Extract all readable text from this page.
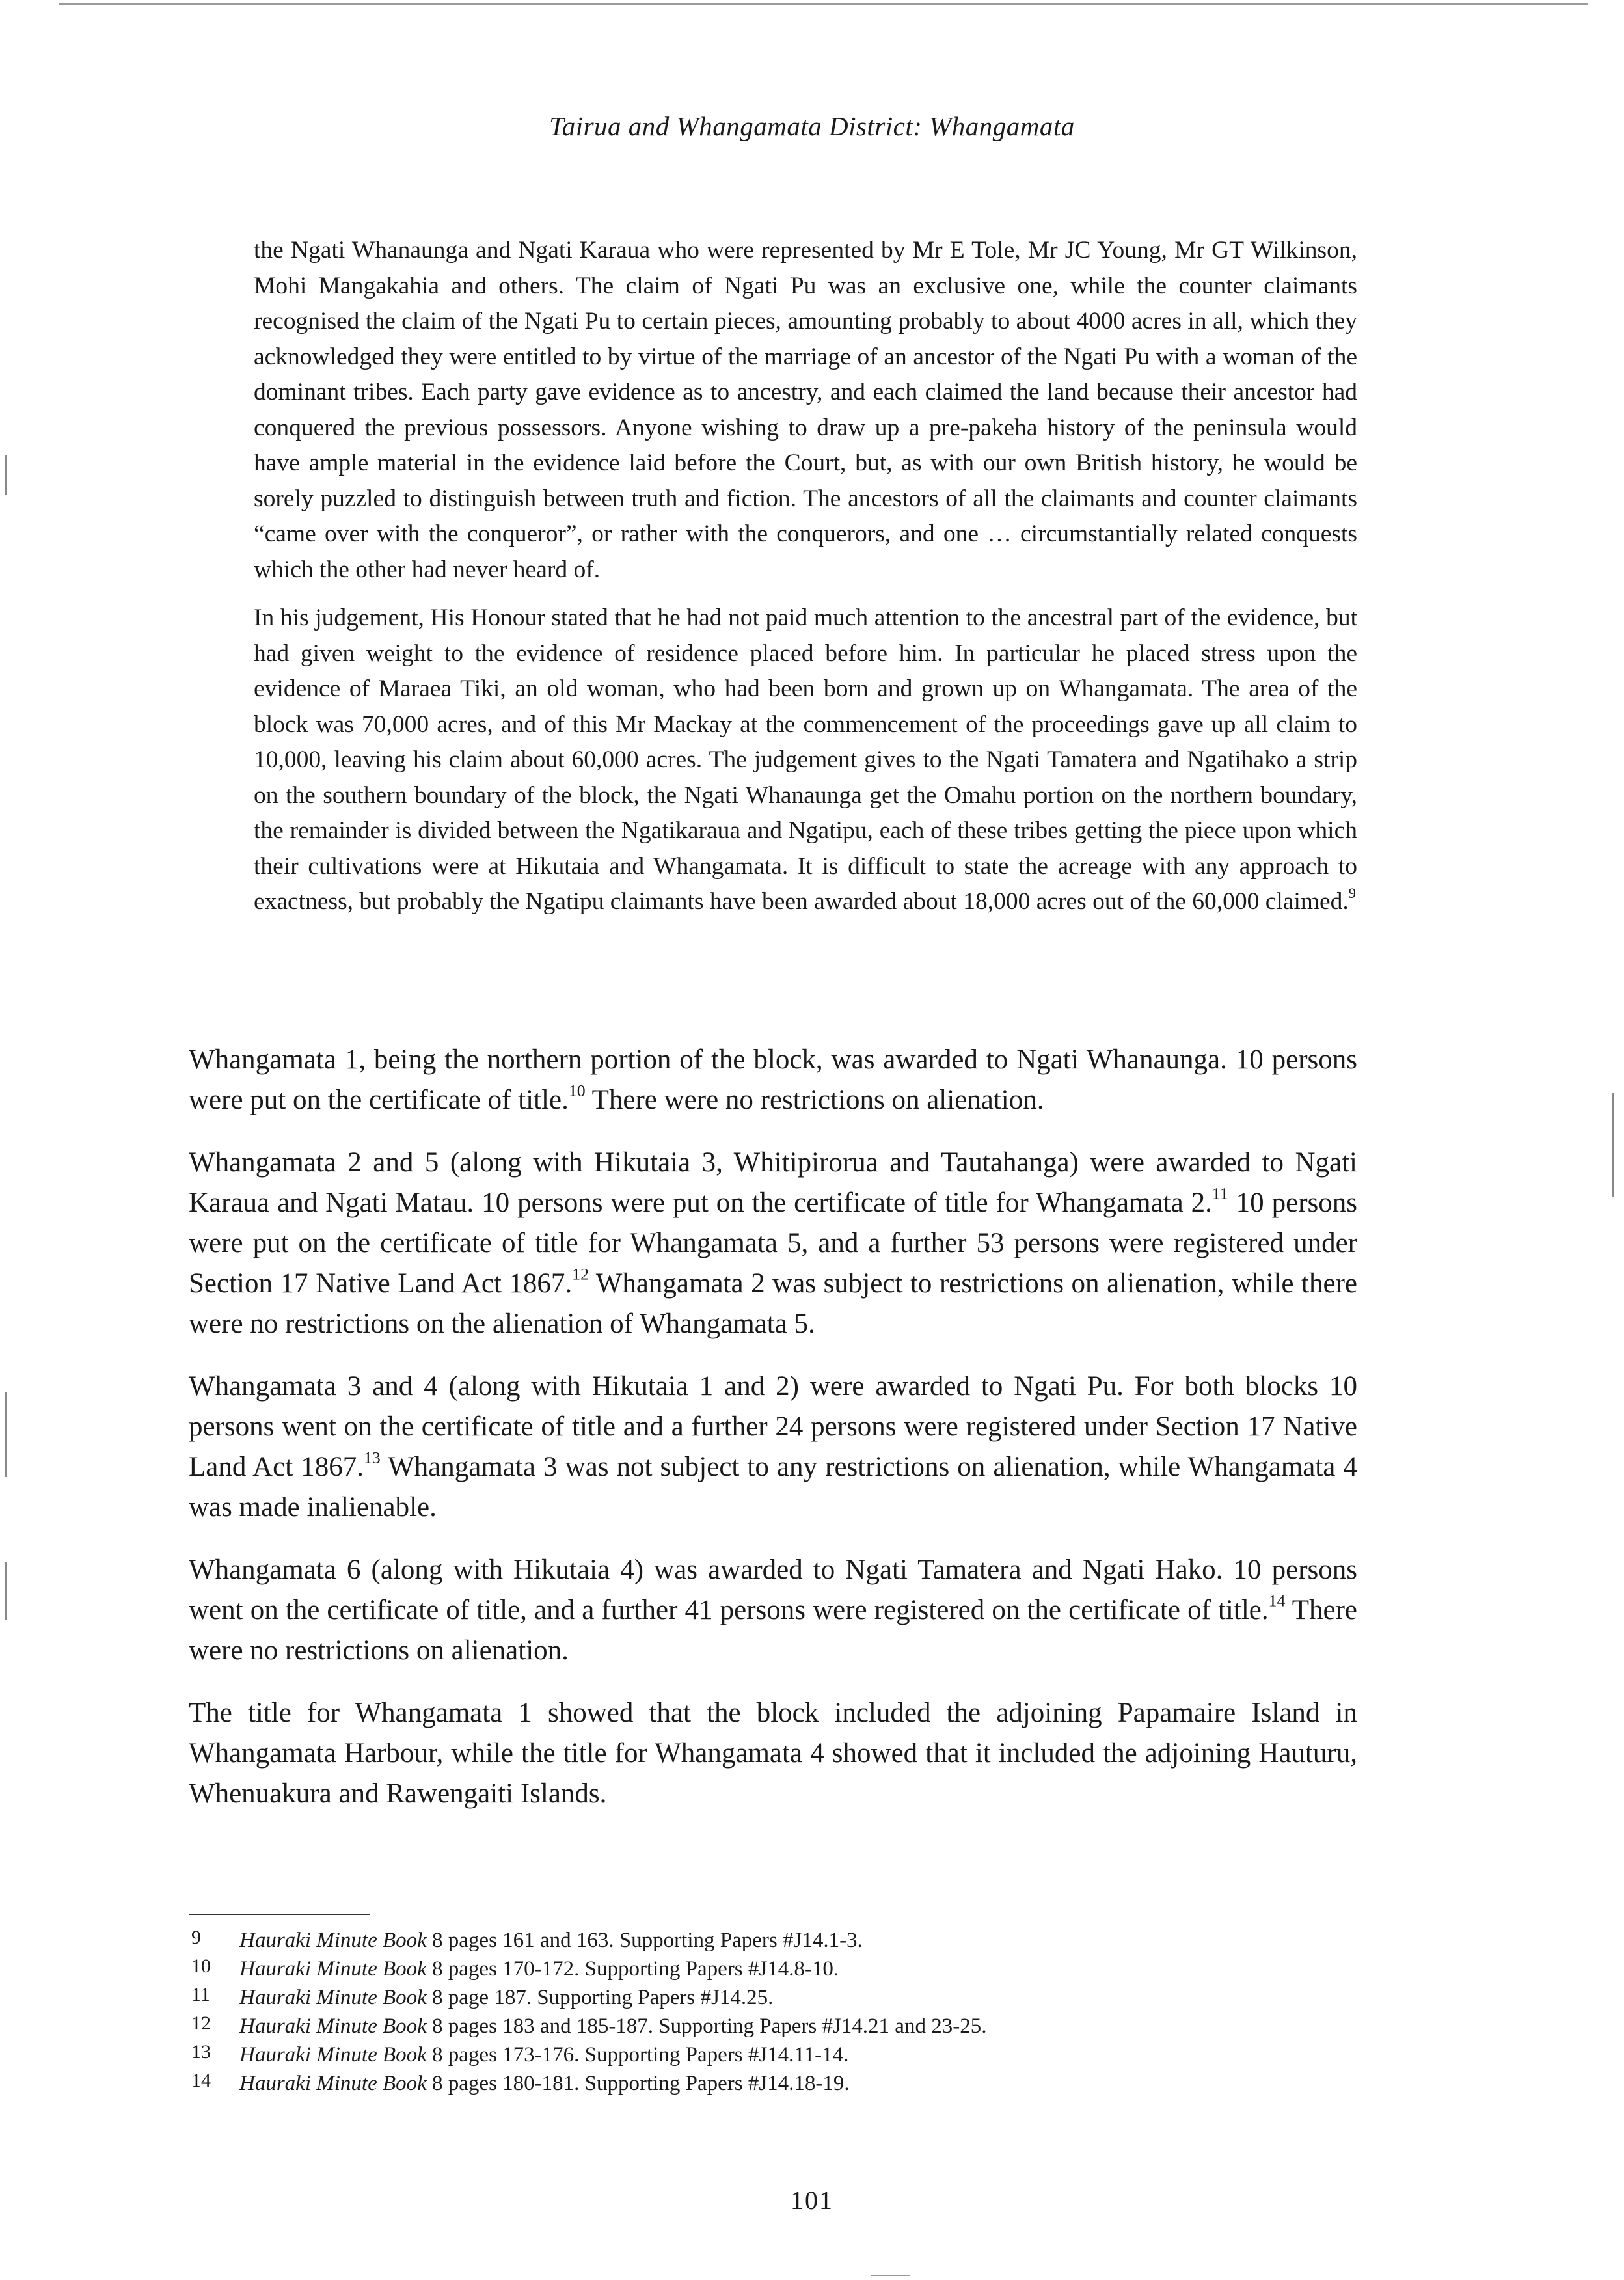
Tairua and Whangamata District: Whangamata

the Ngati Whanaunga and Ngati Karaua who were represented by Mr E Tole, Mr JC Young, Mr GT Wilkinson, Mohi Mangakahia and others. The claim of Ngati Pu was an exclusive one, while the counter claimants recognised the claim of the Ngati Pu to certain pieces, amounting probably to about 4000 acres in all, which they acknowledged they were entitled to by virtue of the marriage of an ancestor of the Ngati Pu with a woman of the dominant tribes. Each party gave evidence as to ancestry, and each claimed the land because their ancestor had conquered the previous possessors. Anyone wishing to draw up a pre-pakeha history of the peninsula would have ample material in the evidence laid before the Court, but, as with our own British history, he would be sorely puzzled to distinguish between truth and fiction. The ancestors of all the claimants and counter claimants “came over with the conqueror”, or rather with the conquerors, and one … circumstantially related conquests which the other had never heard of.

In his judgement, His Honour stated that he had not paid much attention to the ancestral part of the evidence, but had given weight to the evidence of residence placed before him. In particular he placed stress upon the evidence of Maraea Tiki, an old woman, who had been born and grown up on Whangamata. The area of the block was 70,000 acres, and of this Mr Mackay at the commencement of the proceedings gave up all claim to 10,000, leaving his claim about 60,000 acres. The judgement gives to the Ngati Tamatera and Ngatihako a strip on the southern boundary of the block, the Ngati Whanaunga get the Omahu portion on the northern boundary, the remainder is divided between the Ngatikaraua and Ngatipu, each of these tribes getting the piece upon which their cultivations were at Hikutaia and Whangamata. It is difficult to state the acreage with any approach to exactness, but probably the Ngatipu claimants have been awarded about 18,000 acres out of the 60,000 claimed.$^9$

Whangamata 1, being the northern portion of the block, was awarded to Ngati Whanaunga. 10 persons were put on the certificate of title.$^{10}$ There were no restrictions on alienation.

Whangamata 2 and 5 (along with Hikutaia 3, Whitipirorua and Tautahanga) were awarded to Ngati Karaua and Ngati Matau. 10 persons were put on the certificate of title for Whangamata 2.11 10 persons were put on the certificate of title for Whangamata 5, and a further 53 persons were registered under Section 17 Native Land Act 1867.12 Whangamata 2 was subject to restrictions on alienation, while there were no restrictions on the alienation of Whangamata 5.

Whangamata 3 and 4 (along with Hikutaia 1 and 2) were awarded to Ngati Pu. For both blocks 10 persons went on the certificate of title and a further 24 persons were registered under Section 17 Native Land Act 1867.13 Whangamata 3 was not subject to any restrictions on alienation, while Whangamata 4 was made inalienable.

Whangamata 6 (along with Hikutaia 4) was awarded to Ngati Tamatera and Ngati Hako. 10 persons went on the certificate of title, and a further 41 persons were registered on the certificate of title.$^{14}$ There were no restrictions on alienation.

The title for Whangamata 1 showed that the block included the adjoining Papamaire Island in Whangamata Harbour, while the title for Whangamata 4 showed that it included the adjoining Hauturu, Whenuakura and Rawengaiti Islands.

9 Hauraki Minute Book 8 pages 161 and 163. Supporting Papers #J14.1-3.
10 Hauraki Minute Book 8 pages 170-172. Supporting Papers #J14.8-10.
11 Hauraki Minute Book 8 page 187. Supporting Papers #J14.25.
12 Hauraki Minute Book 8 pages 183 and 185-187. Supporting Papers #J14.21 and 23-25.
13 Hauraki Minute Book 8 pages 173-176. Supporting Papers #J14.11-14.
14 Hauraki Minute Book 8 pages 180-181. Supporting Papers #J14.18-19.
101
